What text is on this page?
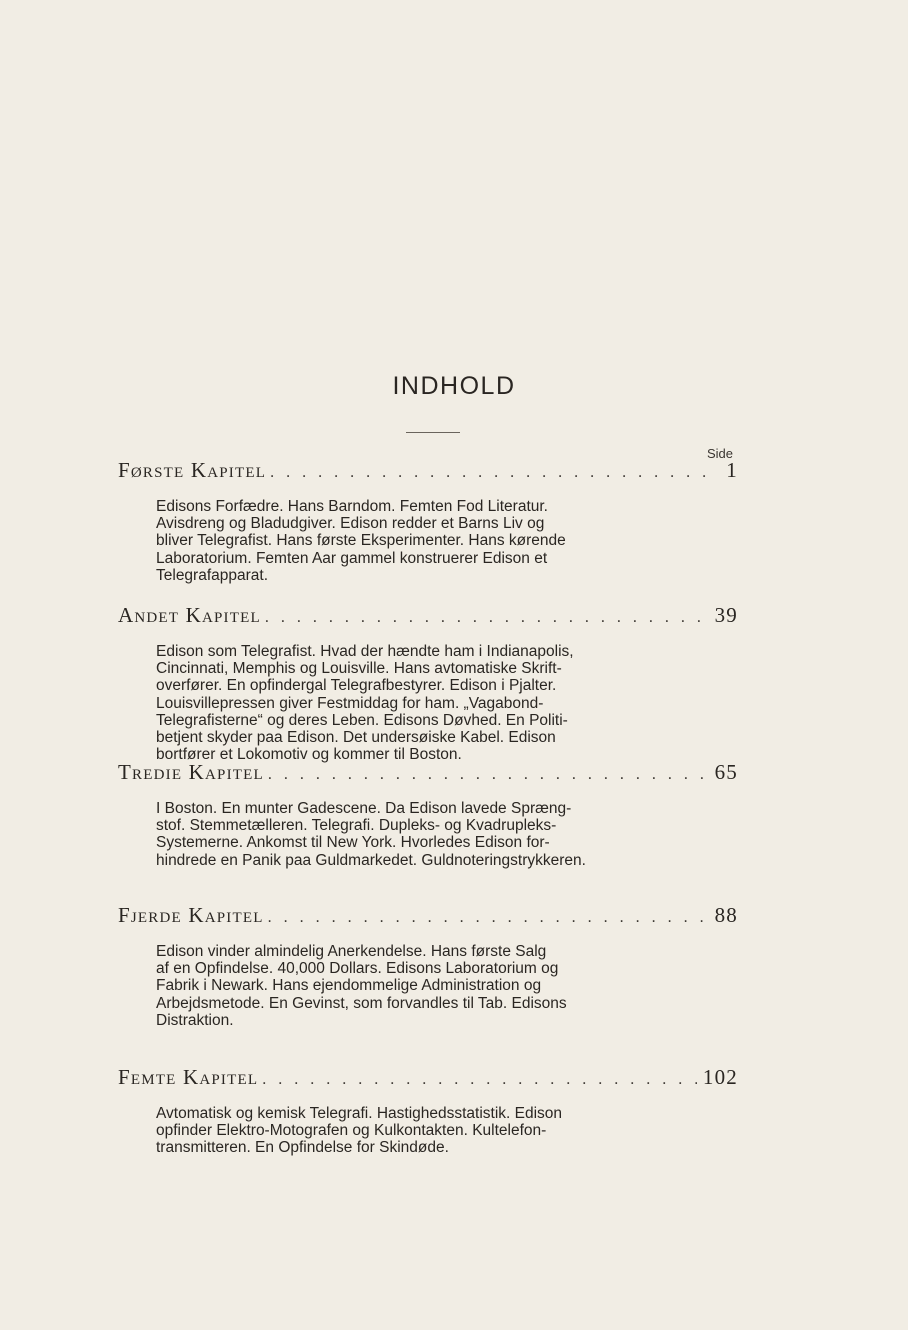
INDHOLD
Side
Første Kapitel . . .	1
Edisons Forfædre. Hans Barndom. Femten Fod Literatur.
Avisdreng og Bladudgiver. Edison redder et Barns Liv og
bliver Telegrafist. Hans første Eksperimenter. Hans kørende
Laboratorium. Femten Aar gammel konstruerer Edison et
Telegrafapparat.
Andet Kapitel . . .	39
Edison som Telegrafist. Hvad der hændte ham i Indianapolis,
Cincinnati, Memphis og Louisville. Hans avtomatiske Skrift-
overfører. En opfindergal Telegrafbestyrer. Edison i Pjalter.
Louisvillepressen giver Festmiddag for ham. „Vagabond-
Telegrafisterne“ og deres Leben. Edisons Døvhed. En Politi-
betjent skyder paa Edison. Det undersøiske Kabel. Edison
bortfører et Lokomotiv og kommer til Boston.
Tredie Kapitel . . .	65
I Boston. En munter Gadescene. Da Edison lavede Spræng-
stof. Stemmetælleren. Telegrafi. Dupleks- og Kvadrupleks-
Systemerne. Ankomst til New York. Hvorledes Edison for-
hindrede en Panik paa Guldmarkedet. Guldnoteringstrykkeren.
Fjerde Kapitel . . .	88
Edison vinder almindelig Anerkendelse. Hans første Salg
af en Opfindelse. 40,000 Dollars. Edisons Laboratorium og
Fabrik i Newark. Hans ejendommelige Administration og
Arbejdsmetode. En Gevinst, som forvandles til Tab. Edisons
Distraktion.
Femte Kapitel . . .	102
Avtomatisk og kemisk Telegrafi. Hastighedsstatistik. Edison
opfinder Elektro-Motografen og Kulkontakten. Kultelefon-
transmitteren. En Opfindelse for Skindøde.
